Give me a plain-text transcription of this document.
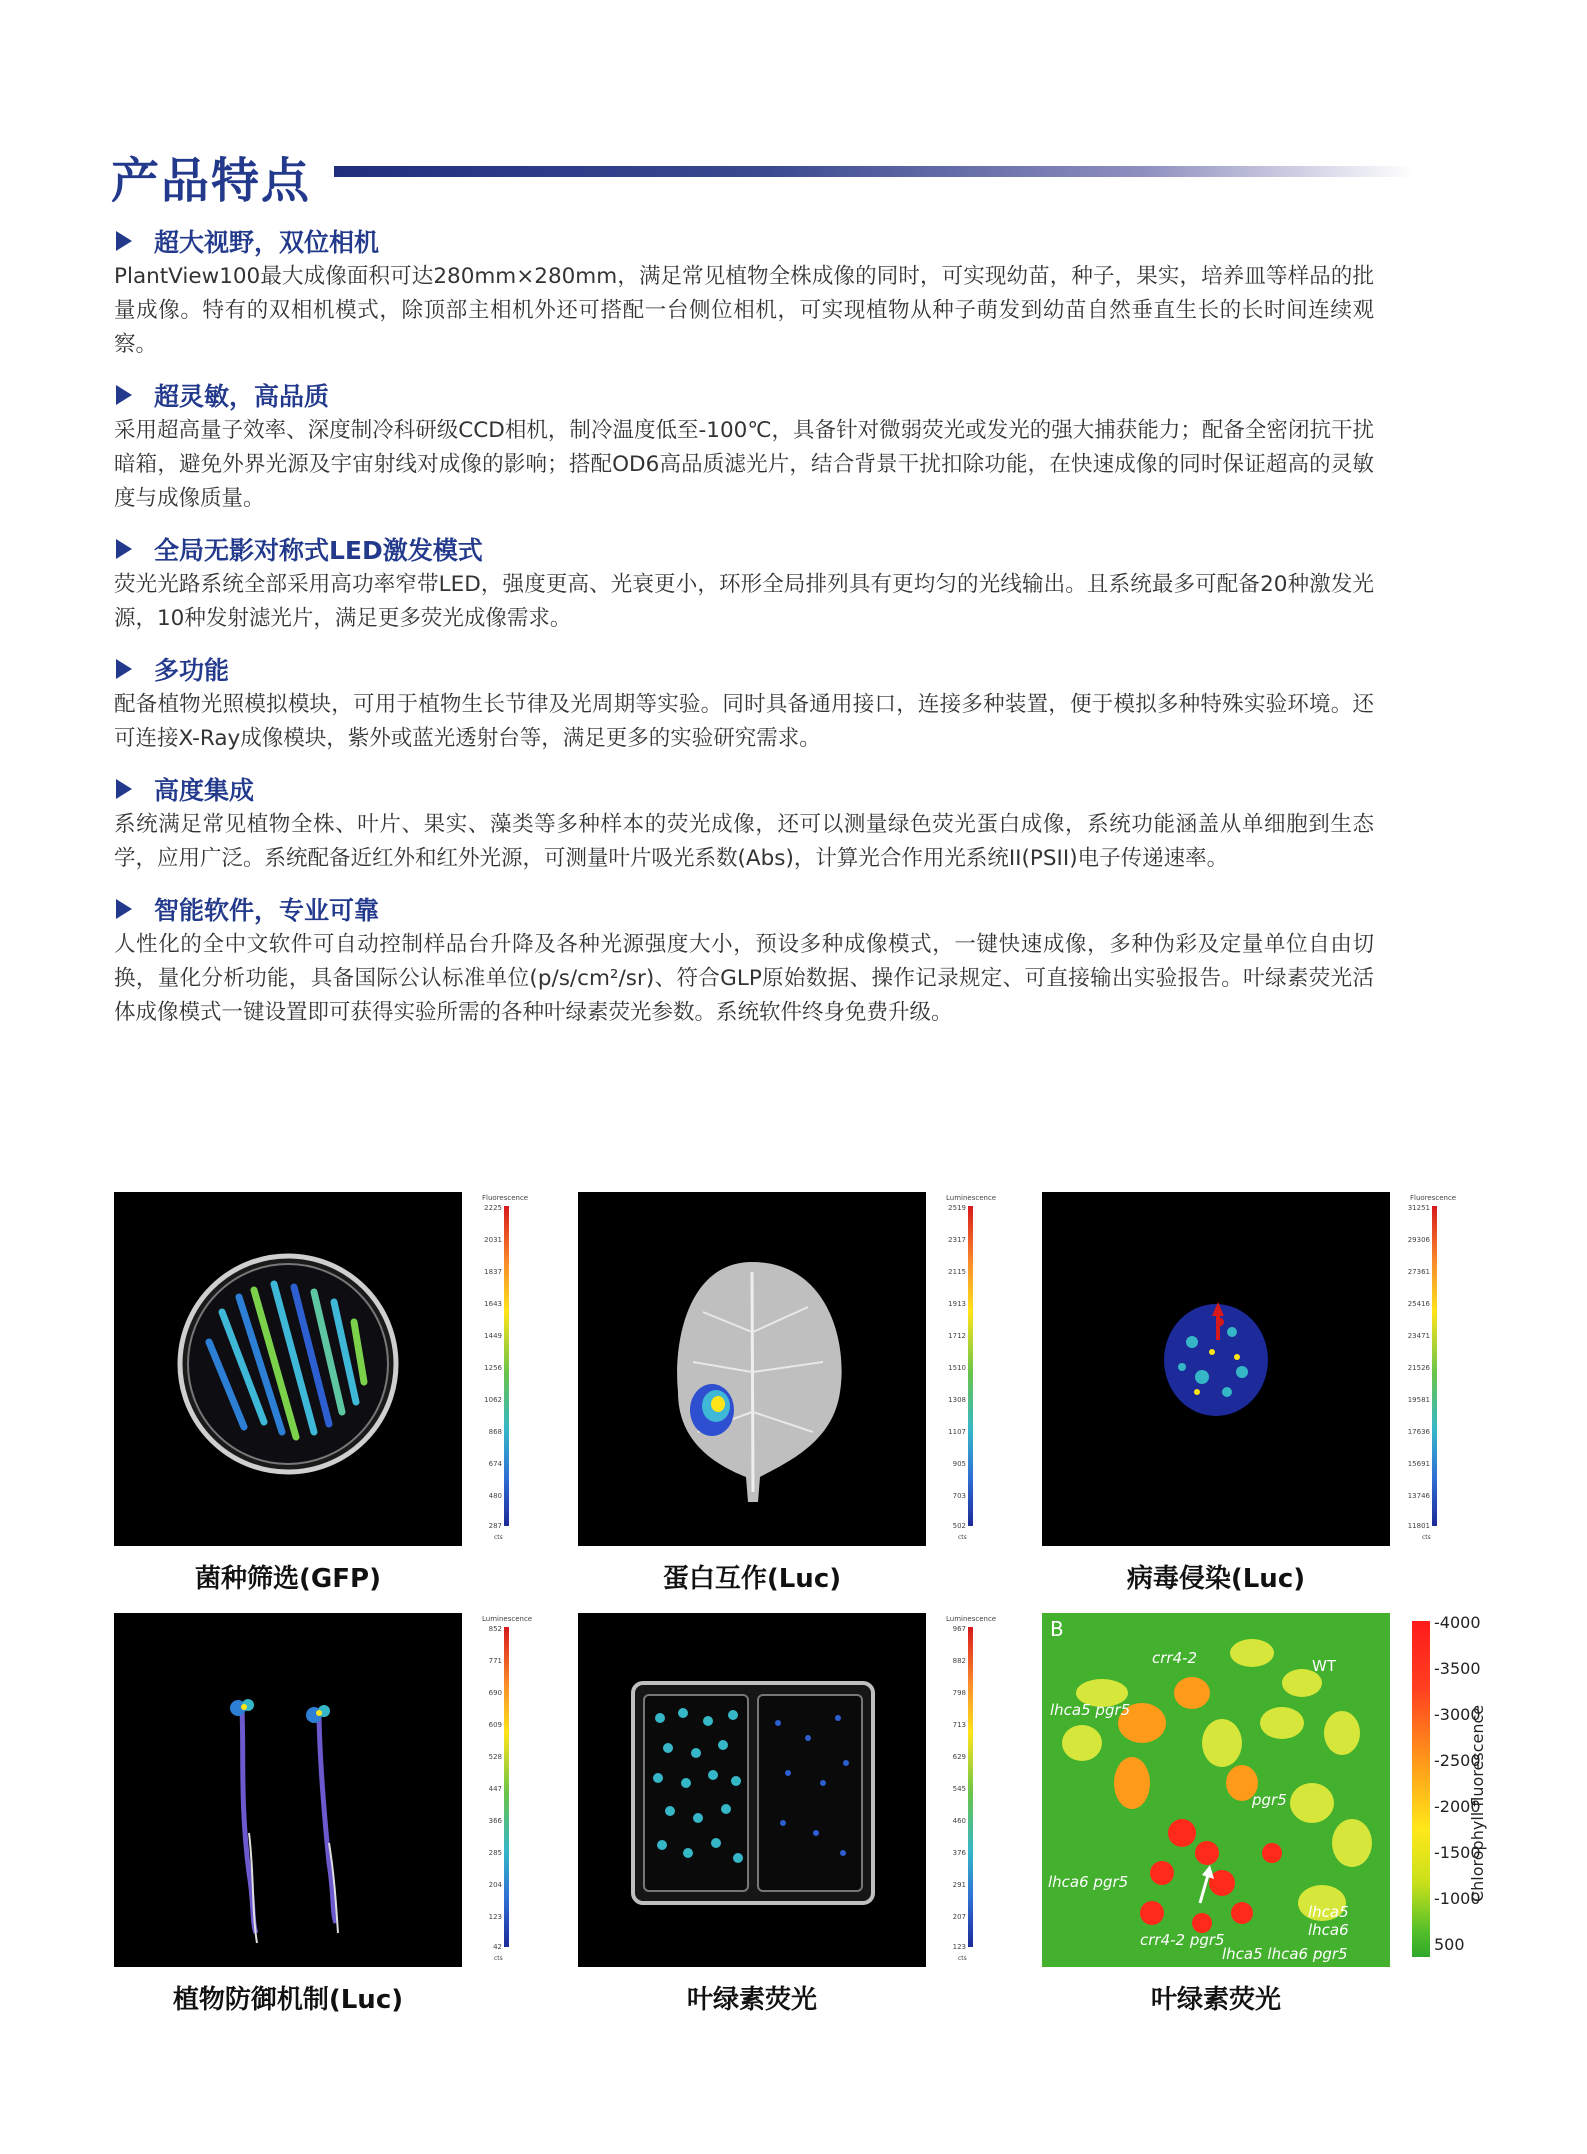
产品特点
超大视野，双位相机
PlantView100最大成像面积可达280mm×280mm，满足常见植物全株成像的同时，可实现幼苗，种子，果实，培养皿等样品的批量成像。特有的双相机模式，除顶部主相机外还可搭配一台侧位相机，可实现植物从种子萌发到幼苗自然垂直生长的长时间连续观察。
超灵敏，高品质
采用超高量子效率、深度制冷科研级CCD相机，制冷温度低至-100℃，具备针对微弱荧光或发光的强大捕获能力；配备全密闭抗干扰暗箱，避免外界光源及宇宙射线对成像的影响；搭配OD6高品质滤光片，结合背景干扰扣除功能，在快速成像的同时保证超高的灵敏度与成像质量。
全局无影对称式LED激发模式
荧光光路系统全部采用高功率窄带LED，强度更高、光衰更小，环形全局排列具有更均匀的光线输出。且系统最多可配备20种激发光源，10种发射滤光片，满足更多荧光成像需求。
多功能
配备植物光照模拟模块，可用于植物生长节律及光周期等实验。同时具备通用接口，连接多种装置，便于模拟多种特殊实验环境。还可连接X-Ray成像模块，紫外或蓝光透射台等，满足更多的实验研究需求。
高度集成
系统满足常见植物全株、叶片、果实、藻类等多种样本的荧光成像，还可以测量绿色荧光蛋白成像，系统功能涵盖从单细胞到生态学，应用广泛。系统配备近红外和红外光源，可测量叶片吸光系数(Abs)，计算光合作用光系统II(PSII)电子传递速率。
智能软件，专业可靠
人性化的全中文软件可自动控制样品台升降及各种光源强度大小，预设多种成像模式，一键快速成像，多种伪彩及定量单位自由切换，量化分析功能，具备国际公认标准单位(p/s/cm²/sr)、符合GLP原始数据、操作记录规定、可直接输出实验报告。叶绿素荧光活体成像模式一键设置即可获得实验所需的各种叶绿素荧光参数。系统软件终身免费升级。
Fluorescence
2225
2031
1837
1643
1449
1256
1062
868
674
480
287
cts
菌种筛选(GFP)
Luminescence
2519
2317
2115
1913
1712
1510
1308
1107
905
703
502
cts
蛋白互作(Luc)
Fluorescence
31251
29306
27361
25416
23471
21526
19581
17636
15691
13746
11801
cts
病毒侵染(Luc)
Luminescence
852
771
690
609
528
447
366
285
204
123
42
cts
植物防御机制(Luc)
Luminescence
967
882
798
713
629
545
460
376
291
207
123
cts
叶绿素荧光
B
crr4-2	WT
lhca5 pgr5
pgr5
lhca6 pgr5
crr4-2 pgr5
lhca5 lhca6
lhca5 lhca6 pgr5
-4000
-3500
-3000
-2500
-2000
-1500
-1000
500
Chlorophyll fluorescence
叶绿素荧光
